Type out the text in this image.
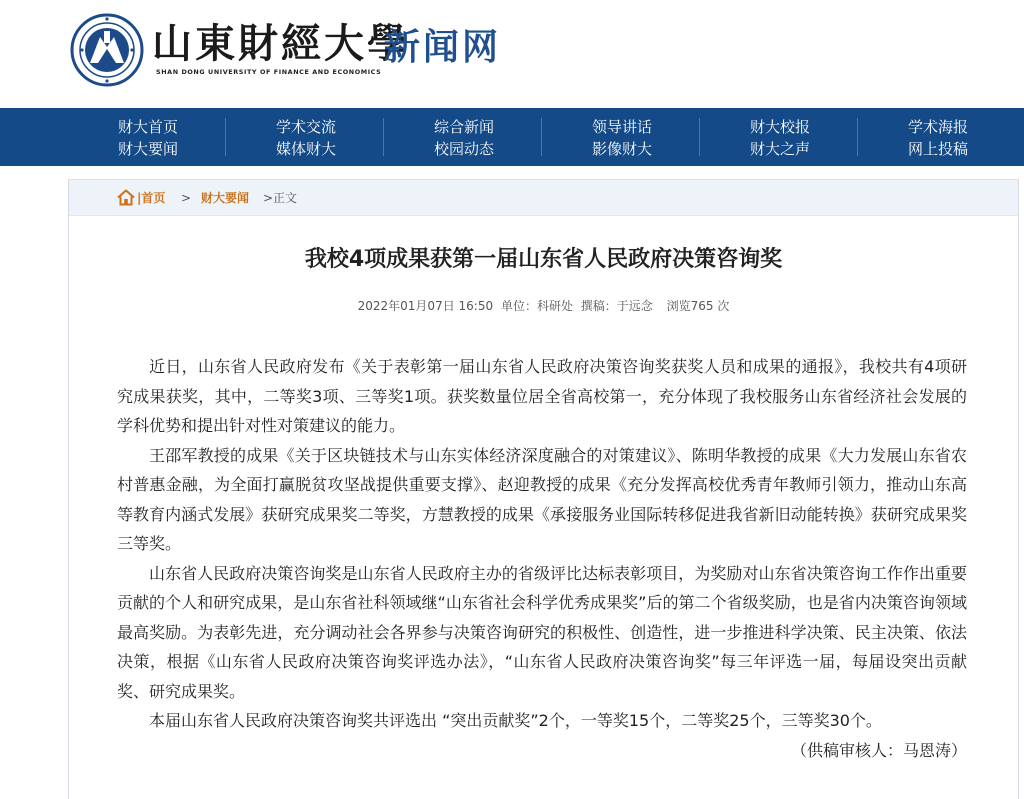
山東財經大學
SHAN DONG UNIVERSITY OF FINANCE AND ECONOMICS
新闻网
财大首页
财大要闻
学术交流
媒体财大
综合新闻
校园动态
领导讲话
影像财大
财大校报
财大之声
学术海报
网上投稿
|首页 > 财大要闻 >正文
我校4项成果获第一届山东省人民政府决策咨询奖
2022年01月07日 16:50 单位：科研处 撰稿：于远念 浏览765 次

近日，山东省人民政府发布《关于表彰第一届山东省人民政府决策咨询奖获奖人员和成果的通报》，我校共有4项研究成果获奖，其中，二等奖3项、三等奖1项。获奖数量位居全省高校第一，充分体现了我校服务山东省经济社会发展的学科优势和提出针对性对策建议的能力。

王邵军教授的成果《关于区块链技术与山东实体经济深度融合的对策建议》、陈明华教授的成果《大力发展山东省农村普惠金融，为全面打赢脱贫攻坚战提供重要支撑》、赵迎教授的成果《充分发挥高校优秀青年教师引领力，推动山东高等教育内涵式发展》获研究成果奖二等奖，方慧教授的成果《承接服务业国际转移促进我省新旧动能转换》获研究成果奖三等奖。

山东省人民政府决策咨询奖是山东省人民政府主办的省级评比达标表彰项目，为奖励对山东省决策咨询工作作出重要贡献的个人和研究成果，是山东省社科领域继“山东省社会科学优秀成果奖”后的第二个省级奖励，也是省内决策咨询领域最高奖励。为表彰先进，充分调动社会各界参与决策咨询研究的积极性、创造性，进一步推进科学决策、民主决策、依法决策，根据《山东省人民政府决策咨询奖评选办法》，“山东省人民政府决策咨询奖”每三年评选一届，每届设突出贡献奖、研究成果奖。

本届山东省人民政府决策咨询奖共评选出 “突出贡献奖”2个，一等奖15个，二等奖25个，三等奖30个。

（供稿审核人：马恩涛）
